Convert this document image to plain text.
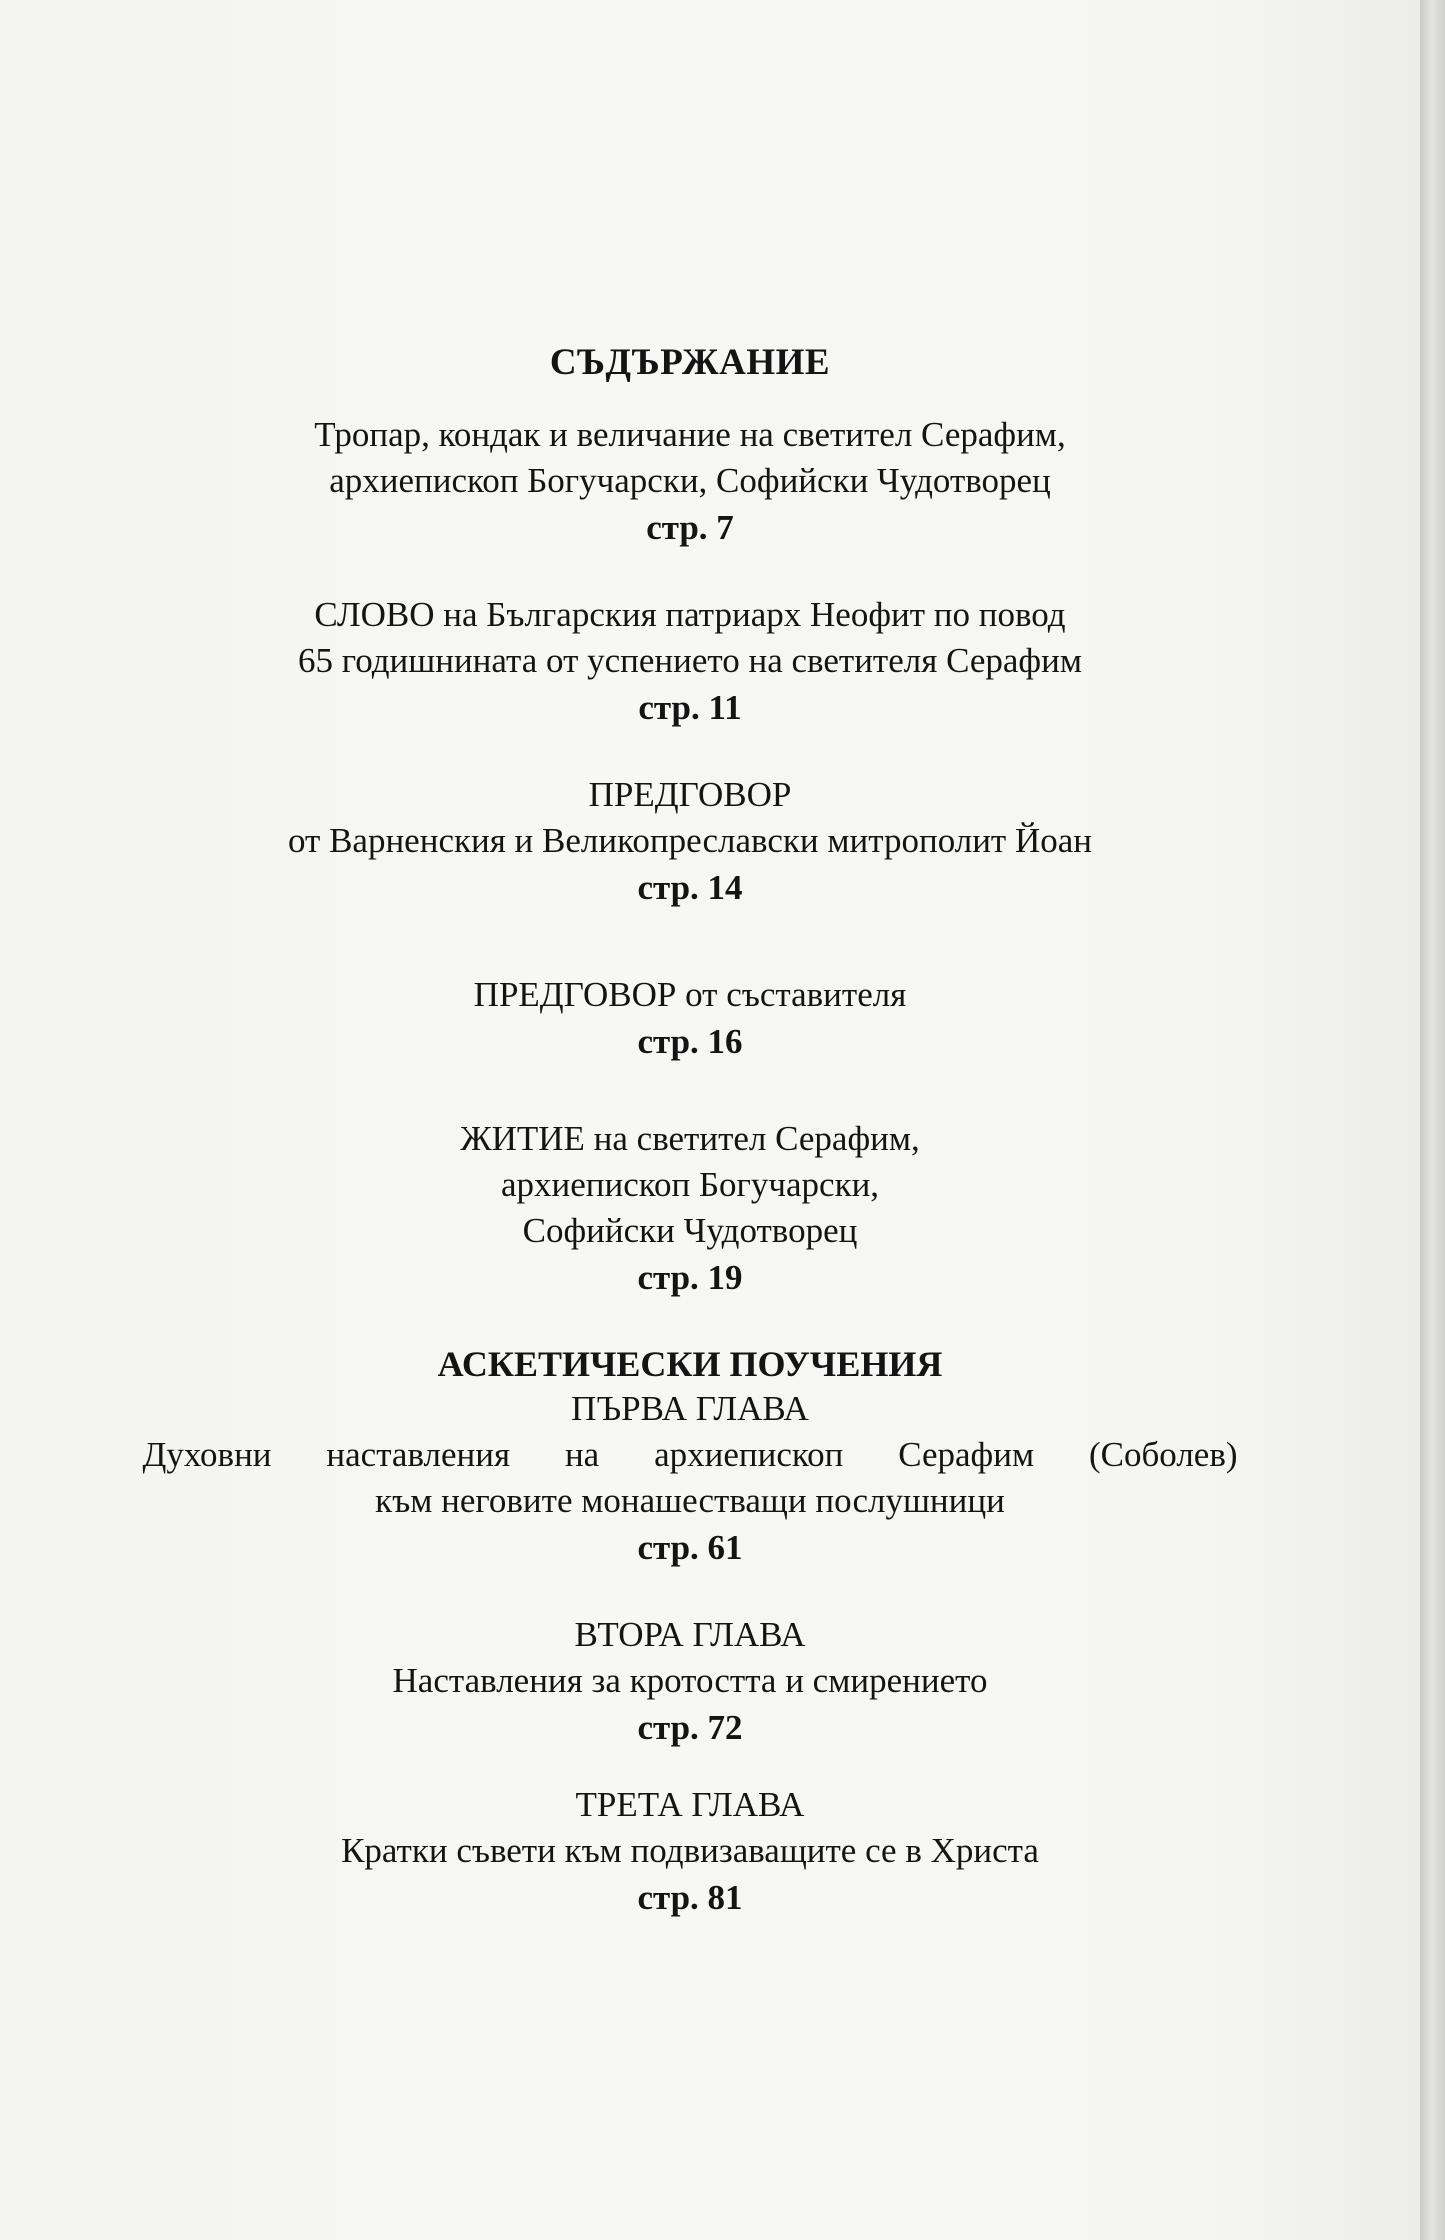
СЪДЪРЖАНИЕ
Тропар, кондак и величание на светител Серафим,
архиепископ Богучарски, Софийски Чудотворец
стр. 7
СЛОВО на Българския патриарх Неофит по повод
65 годишнината от успението на светителя Серафим
стр. 11
ПРЕДГОВОР
от Варненския и Великопреславски митрополит Йоан
стр. 14
ПРЕДГОВОР от съставителя
стр. 16
ЖИТИЕ на светител Серафим,
архиепископ Богучарски,
Софийски Чудотворец
стр. 19
АСКЕТИЧЕСКИ ПОУЧЕНИЯ
ПЪРВА ГЛАВА
Духовни наставления на архиепископ Серафим (Соболев)
към неговите монашестващи послушници
стр. 61
ВТОРА ГЛАВА
Наставления за кротостта и смирението
стр. 72
ТРЕТА ГЛАВА
Кратки съвети към подвизаващите се в Христа
стр. 81
